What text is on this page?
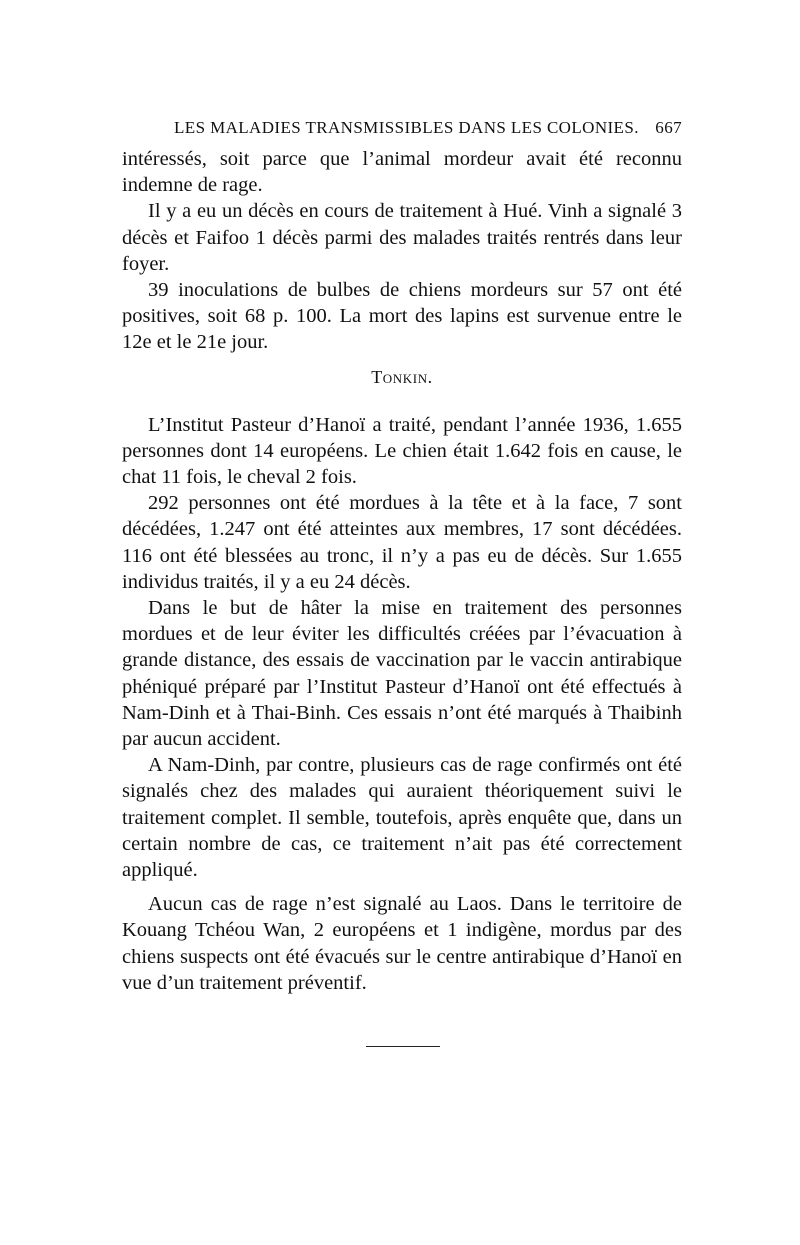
LES MALADIES TRANSMISSIBLES DANS LES COLONIES. 667

intéressés, soit parce que l’animal mordeur avait été reconnu indemne de rage.

Il y a eu un décès en cours de traitement à Hué. Vinh a signalé 3 décès et Faifoo 1 décès parmi des malades traités rentrés dans leur foyer.

39 inoculations de bulbes de chiens mordeurs sur 57 ont été positives, soit 68 p. 100. La mort des lapins est survenue entre le 12e et le 21e jour.

Tonkin.

L’Institut Pasteur d’Hanoï a traité, pendant l’année 1936, 1.655 personnes dont 14 européens. Le chien était 1.642 fois en cause, le chat 11 fois, le cheval 2 fois.

292 personnes ont été mordues à la tête et à la face, 7 sont décédées, 1.247 ont été atteintes aux membres, 17 sont décédées. 116 ont été blessées au tronc, il n’y a pas eu de décès. Sur 1.655 individus traités, il y a eu 24 décès.

Dans le but de hâter la mise en traitement des personnes mordues et de leur éviter les difficultés créées par l’évacuation à grande distance, des essais de vaccination par le vaccin antirabique phéniqué préparé par l’Institut Pasteur d’Hanoï ont été effectués à Nam-Dinh et à Thai-Binh. Ces essais n’ont été marqués à Thaibinh par aucun accident.

A Nam-Dinh, par contre, plusieurs cas de rage confirmés ont été signalés chez des malades qui auraient théoriquement suivi le traitement complet. Il semble, toutefois, après enquête que, dans un certain nombre de cas, ce traitement n’ait pas été correctement appliqué.

Aucun cas de rage n’est signalé au Laos. Dans le territoire de Kouang Tchéou Wan, 2 européens et 1 indigène, mordus par des chiens suspects ont été évacués sur le centre antirabique d’Hanoï en vue d’un traitement préventif.
